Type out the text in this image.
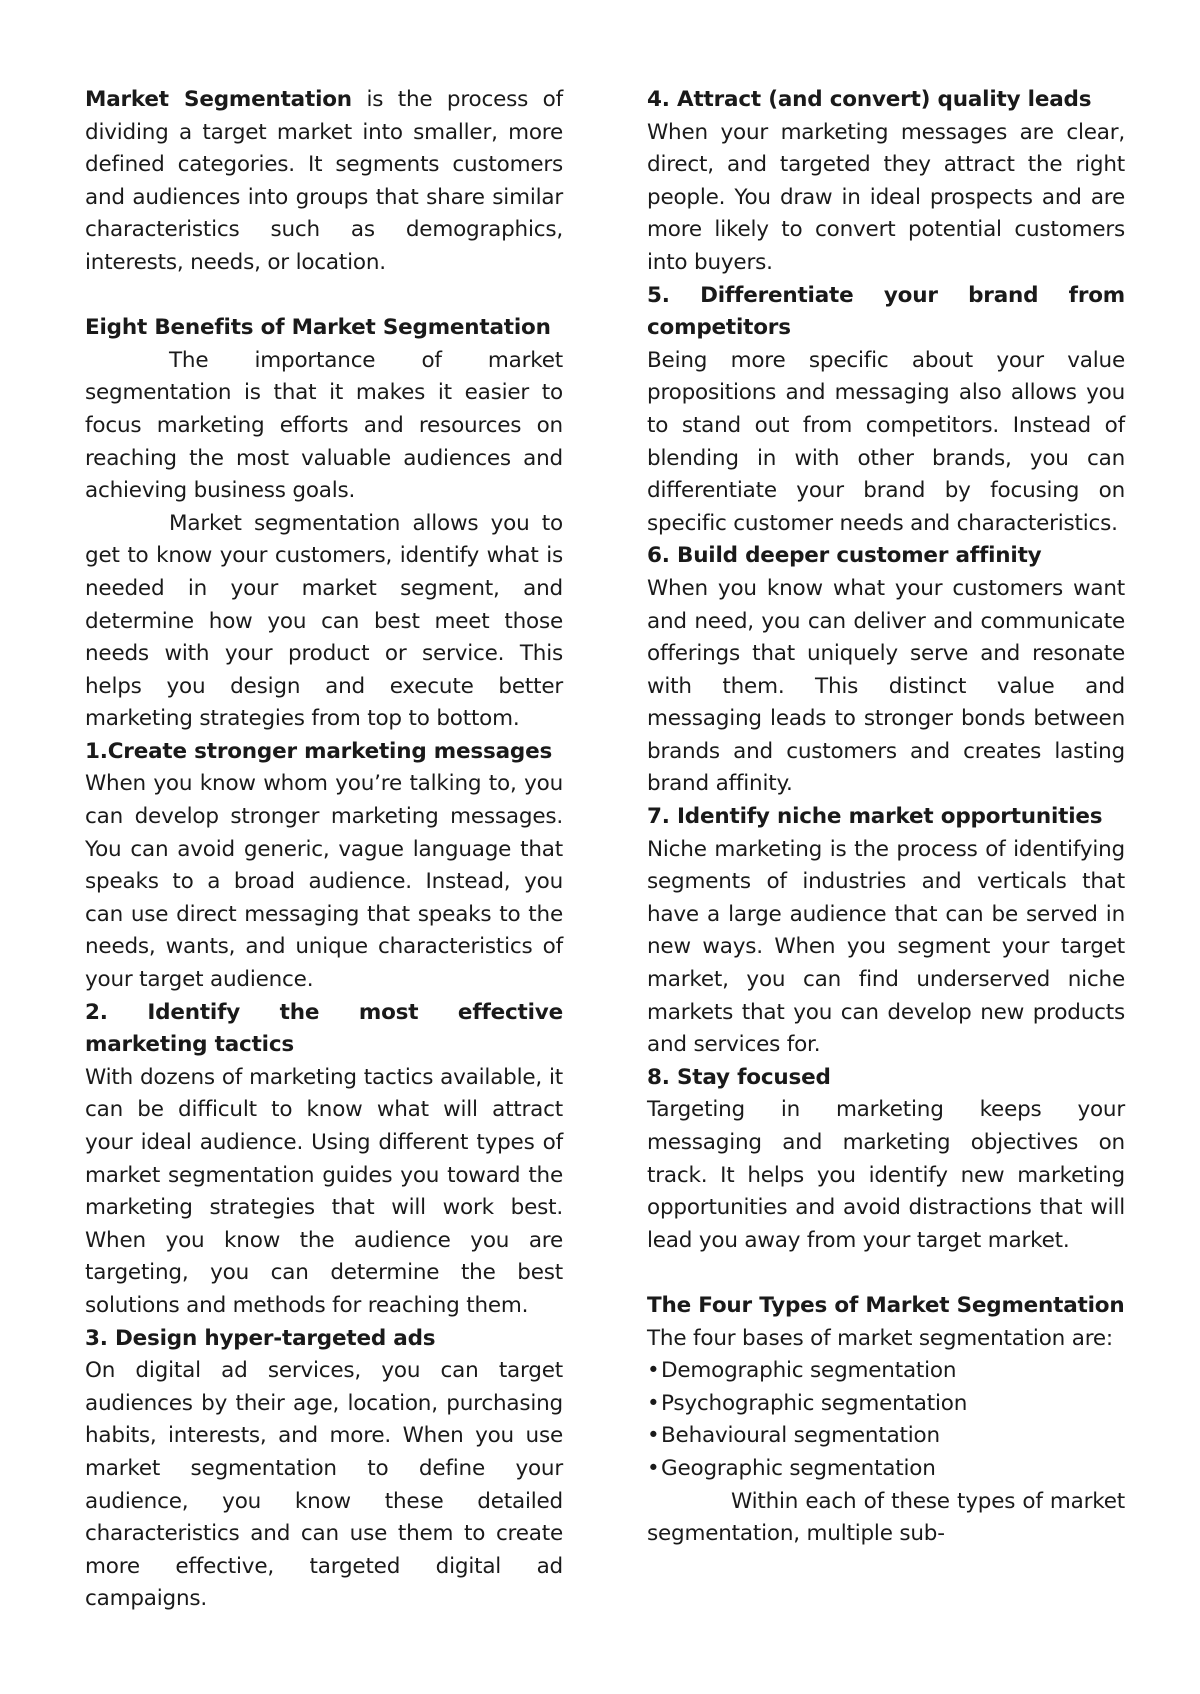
Market Segmentation is the process of dividing a target market into smaller, more defined categories. It segments customers and audiences into groups that share similar characteristics such as demographics, interests, needs, or location.

Eight Benefits of Market Segmentation

The importance of market segmentation is that it makes it easier to focus marketing efforts and resources on reaching the most valuable audiences and achieving business goals.

Market segmentation allows you to get to know your customers, identify what is needed in your market segment, and determine how you can best meet those needs with your product or service. This helps you design and execute better marketing strategies from top to bottom.

1.Create stronger marketing messages

When you know whom you’re talking to, you can develop stronger marketing messages. You can avoid generic, vague language that speaks to a broad audience. Instead, you can use direct messaging that speaks to the needs, wants, and unique characteristics of your target audience.

2. Identify the most effective marketing tactics

With dozens of marketing tactics available, it can be difficult to know what will attract your ideal audience. Using different types of market segmentation guides you toward the marketing strategies that will work best. When you know the audience you are targeting, you can determine the best solutions and methods for reaching them.

3. Design hyper-targeted ads

On digital ad services, you can target audiences by their age, location, purchasing habits, interests, and more. When you use market segmentation to define your audience, you know these detailed characteristics and can use them to create more effective, targeted digital ad campaigns.

4. Attract (and convert) quality leads

When your marketing messages are clear, direct, and targeted they attract the right people. You draw in ideal prospects and are more likely to convert potential customers into buyers.

5. Differentiate your brand from competitors

Being more specific about your value propositions and messaging also allows you to stand out from competitors. Instead of blending in with other brands, you can differentiate your brand by focusing on specific customer needs and characteristics.

6. Build deeper customer affinity

When you know what your customers want and need, you can deliver and communicate offerings that uniquely serve and resonate with them. This distinct value and messaging leads to stronger bonds between brands and customers and creates lasting brand affinity.

7. Identify niche market opportunities

Niche marketing is the process of identifying segments of industries and verticals that have a large audience that can be served in new ways. When you segment your target market, you can find underserved niche markets that you can develop new products and services for.

8. Stay focused

Targeting in marketing keeps your messaging and marketing objectives on track. It helps you identify new marketing opportunities and avoid distractions that will lead you away from your target market.

The Four Types of Market Segmentation

The four bases of market segmentation are:

• Demographic segmentation
• Psychographic segmentation
• Behavioural segmentation
• Geographic segmentation

Within each of these types of market segmentation, multiple sub-
